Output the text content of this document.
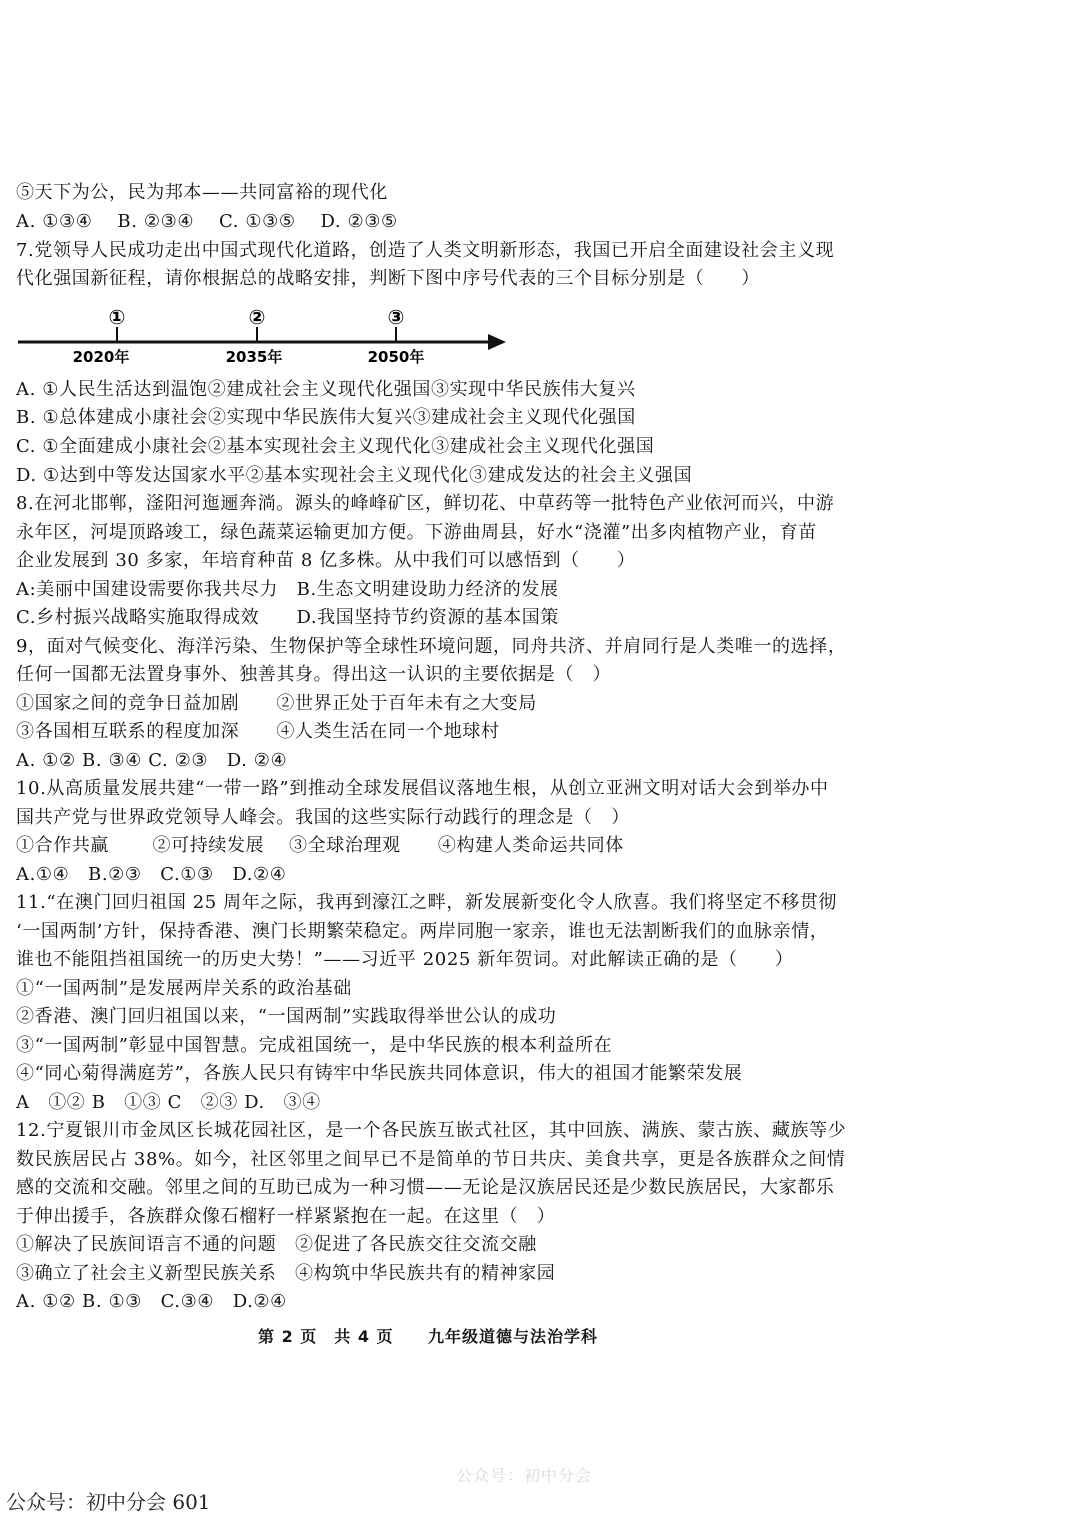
⑤天下为公，民为邦本——共同富裕的现代化
A. ①③④　 B. ②③④　 C. ①③⑤　 D. ②③⑤
7.党领导人民成功走出中国式现代化道路，创造了人类文明新形态，我国已开启全面建设社会主义现
代化强国新征程，请你根据总的战略安排，判断下图中序号代表的三个目标分别是（　　）
①	②	③
2020年	2035年	2050年
A. ①人民生活达到温饱②建成社会主义现代化强国③实现中华民族伟大复兴
B. ①总体建成小康社会②实现中华民族伟大复兴③建成社会主义现代化强国
C. ①全面建成小康社会②基本实现社会主义现代化③建成社会主义现代化强国
D. ①达到中等发达国家水平②基本实现社会主义现代化③建成发达的社会主义强国
8.在河北邯郸，滏阳河迤逦奔淌。源头的峰峰矿区，鲜切花、中草药等一批特色产业依河而兴，中游
永年区，河堤顶路竣工，绿色蔬菜运输更加方便。下游曲周县，好水“浇灌”出多肉植物产业，育苗
企业发展到 30 多家，年培育种苗 8 亿多株。从中我们可以感悟到（　　）
A:美丽中国建设需要你我共尽力　B.生态文明建设助力经济的发展
C.乡村振兴战略实施取得成效　　D.我国坚持节约资源的基本国策
9，面对气候变化、海洋污染、生物保护等全球性环境问题，同舟共济、并肩同行是人类唯一的选择，
任何一国都无法置身事外、独善其身。得出这一认识的主要依据是（　）
①国家之间的竞争日益加剧　　②世界正处于百年未有之大变局
③各国相互联系的程度加深　　④人类生活在同一个地球村
A. ①② B. ③④ C. ②③　D. ②④
10.从高质量发展共建“一带一路”到推动全球发展倡议落地生根，从创立亚洲文明对话大会到举办中
国共产党与世界政党领导人峰会。我国的这些实际行动践行的理念是（　）
①合作共赢　　 ②可持续发展　 ③全球治理观　　④构建人类命运共同体
A.①④　B.②③　C.①③　D.②④
11.“在澳门回归祖国 25 周年之际，我再到濠江之畔，新发展新变化令人欣喜。我们将坚定不移贯彻
‘一国两制’方针，保持香港、澳门长期繁荣稳定。两岸同胞一家亲，谁也无法割断我们的血脉亲情，
谁也不能阻挡祖国统一的历史大势！”——习近平 2025 新年贺词。对此解读正确的是（　　）
①“一国两制”是发展两岸关系的政治基础
②香港、澳门回归祖国以来，“一国两制”实践取得举世公认的成功
③“一国两制”彰显中国智慧。完成祖国统一，是中华民族的根本利益所在
④“同心菊得满庭芳”，各族人民只有铸牢中华民族共同体意识，伟大的祖国才能繁荣发展
A　①② B　①③ C　②③ D.　③④
12.宁夏银川市金凤区长城花园社区，是一个各民族互嵌式社区，其中回族、满族、蒙古族、藏族等少
数民族居民占 38%。如今，社区邻里之间早已不是简单的节日共庆、美食共享，更是各族群众之间情
感的交流和交融。邻里之间的互助已成为一种习惯——无论是汉族居民还是少数民族居民，大家都乐
于伸出援手，各族群众像石榴籽一样紧紧抱在一起。在这里（　）
①解决了民族间语言不通的问题　②促进了各民族交往交流交融
③确立了社会主义新型民族关系　④构筑中华民族共有的精神家园
A. ①② B. ①③　C.③④　D.②④
第 2 页　共 4 页 九年级道德与法治学科
公众号：初中分会
公众号：初中分会 601
